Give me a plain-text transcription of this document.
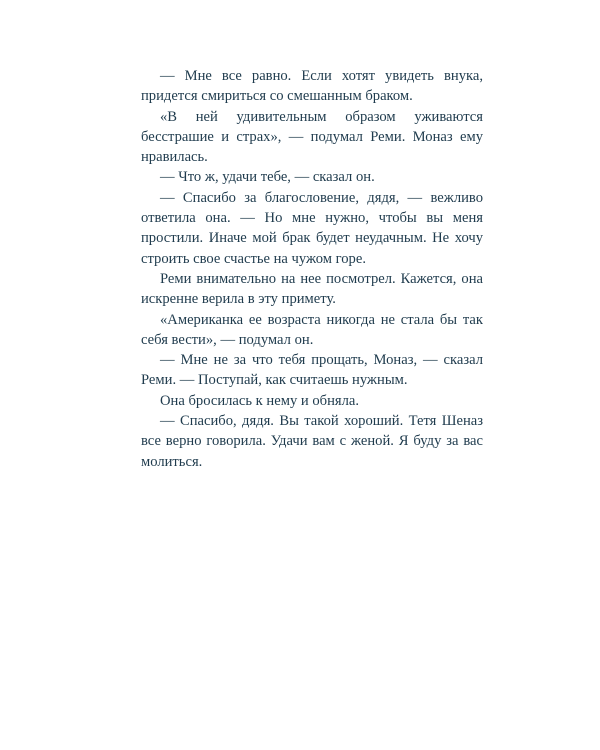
— Мне все равно. Если хотят увидеть внука, придется смириться со смешанным браком.

«В ней удивительным образом уживаются бесстрашие и страх», — подумал Реми. Моназ ему нравилась.

— Что ж, удачи тебе, — сказал он.

— Спасибо за благословение, дядя, — вежливо ответила она. — Но мне нужно, чтобы вы меня простили. Иначе мой брак будет неудачным. Не хочу строить свое счастье на чужом горе.

Реми внимательно на нее посмотрел. Кажется, она искренне верила в эту примету.

«Американка ее возраста никогда не стала бы так себя вести», — подумал он.

— Мне не за что тебя прощать, Моназ, — сказал Реми. — Поступай, как считаешь нужным.

Она бросилась к нему и обняла.

— Спасибо, дядя. Вы такой хороший. Тетя Шеназ все верно говорила. Удачи вам с женой. Я буду за вас молиться.
